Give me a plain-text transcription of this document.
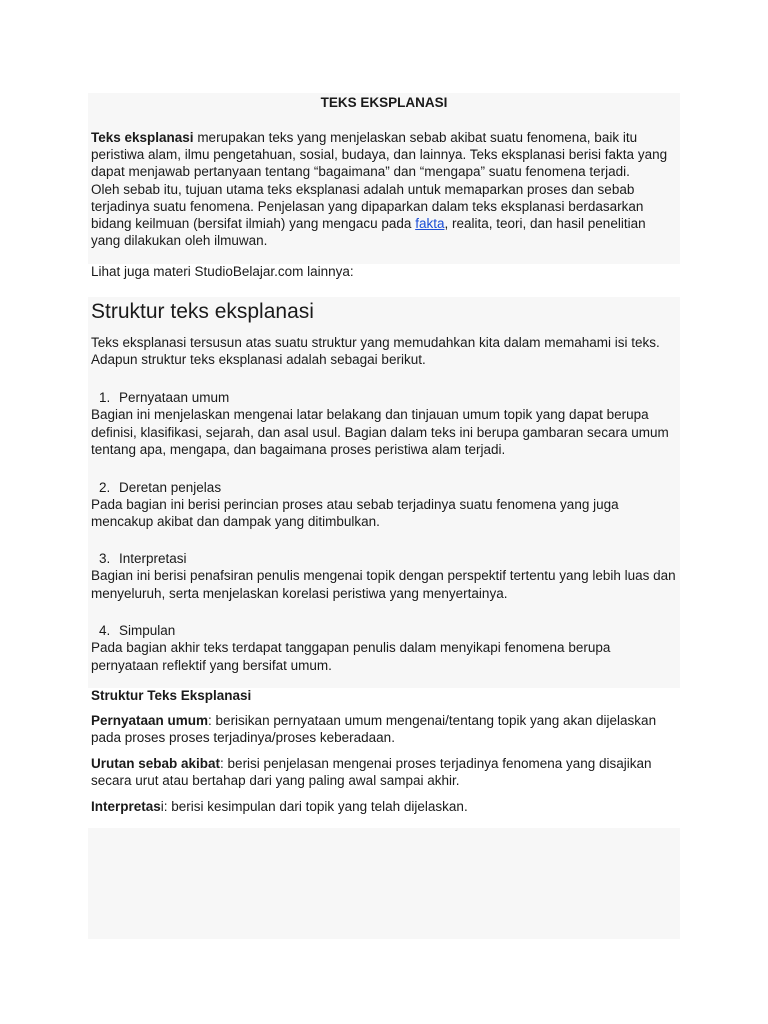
TEKS EKSPLANASI

Teks eksplanasi merupakan teks yang menjelaskan sebab akibat suatu fenomena, baik itu peristiwa alam, ilmu pengetahuan, sosial, budaya, dan lainnya. Teks eksplanasi berisi fakta yang dapat menjawab pertanyaan tentang “bagaimana” dan “mengapa” suatu fenomena terjadi.

Oleh sebab itu, tujuan utama teks eksplanasi adalah untuk memaparkan proses dan sebab terjadinya suatu fenomena. Penjelasan yang dipaparkan dalam teks eksplanasi berdasarkan bidang keilmuan (bersifat ilmiah) yang mengacu pada fakta, realita, teori, dan hasil penelitian yang dilakukan oleh ilmuwan.

Lihat juga materi StudioBelajar.com lainnya:

Struktur teks eksplanasi

Teks eksplanasi tersusun atas suatu struktur yang memudahkan kita dalam memahami isi teks. Adapun struktur teks eksplanasi adalah sebagai berikut.

1. Pernyataan umum

Bagian ini menjelaskan mengenai latar belakang dan tinjauan umum topik yang dapat berupa definisi, klasifikasi, sejarah, dan asal usul. Bagian dalam teks ini berupa gambaran secara umum tentang apa, mengapa, dan bagaimana proses peristiwa alam terjadi.

2. Deretan penjelas

Pada bagian ini berisi perincian proses atau sebab terjadinya suatu fenomena yang juga mencakup akibat dan dampak yang ditimbulkan.

3. Interpretasi

Bagian ini berisi penafsiran penulis mengenai topik dengan perspektif tertentu yang lebih luas dan menyeluruh, serta menjelaskan korelasi peristiwa yang menyertainya.

4. Simpulan

Pada bagian akhir teks terdapat tanggapan penulis dalam menyikapi fenomena berupa pernyataan reflektif yang bersifat umum.

Struktur Teks Eksplanasi

Pernyataan umum: berisikan pernyataan umum mengenai/tentang topik yang akan dijelaskan pada proses proses terjadinya/proses keberadaan.

Urutan sebab akibat: berisi penjelasan mengenai proses terjadinya fenomena yang disajikan secara urut atau bertahap dari yang paling awal sampai akhir.

Interpretasi: berisi kesimpulan dari topik yang telah dijelaskan.
